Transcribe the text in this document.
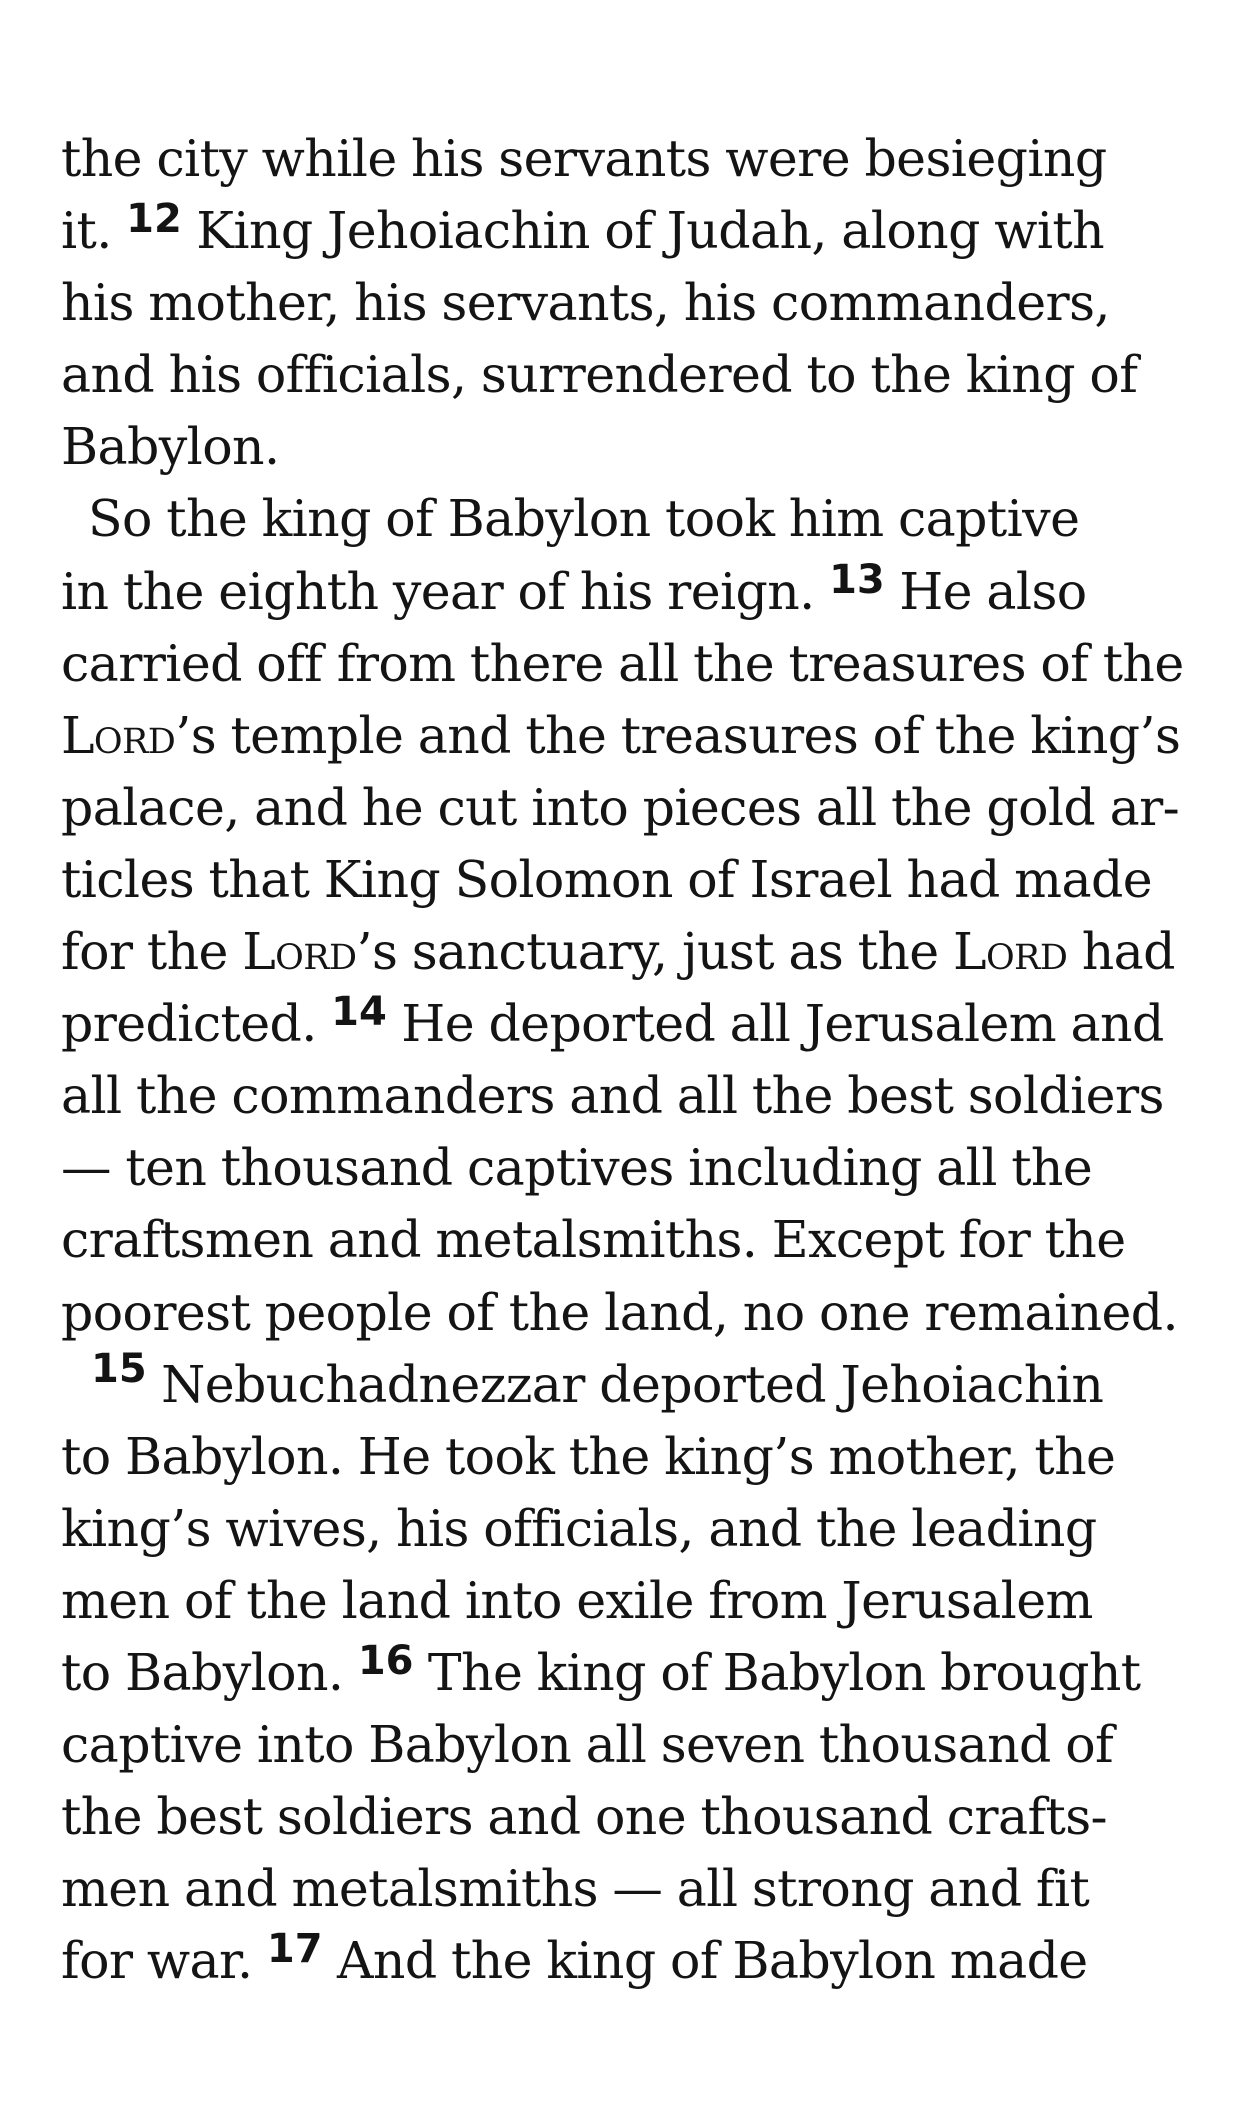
the city while his servants were besieging
it. $^{12}$ King Jehoiachin of Judah, along with
his mother, his servants, his commanders,
and his officials, surrendered to the king of
Babylon.
So the king of Babylon took him captive
in the eighth year of his reign. $^{13}$ He also
carried off from there all the treasures of the
Lord’s temple and the treasures of the king’s
palace, and he cut into pieces all the gold ar-
ticles that King Solomon of Israel had made
for the Lord’s sanctuary, just as the Lord had
predicted. $^{14}$ He deported all Jerusalem and
all the commanders and all the best soldiers
— ten thousand captives including all the
craftsmen and metalsmiths. Except for the
poorest people of the land, no one remained.
$^{15}$ Nebuchadnezzar deported Jehoiachin
to Babylon. He took the king’s mother, the
king’s wives, his officials, and the leading
men of the land into exile from Jerusalem
to Babylon. $^{16}$ The king of Babylon brought
captive into Babylon all seven thousand of
the best soldiers and one thousand crafts-
men and metalsmiths — all strong and fit
for war. $^{17}$ And the king of Babylon made
